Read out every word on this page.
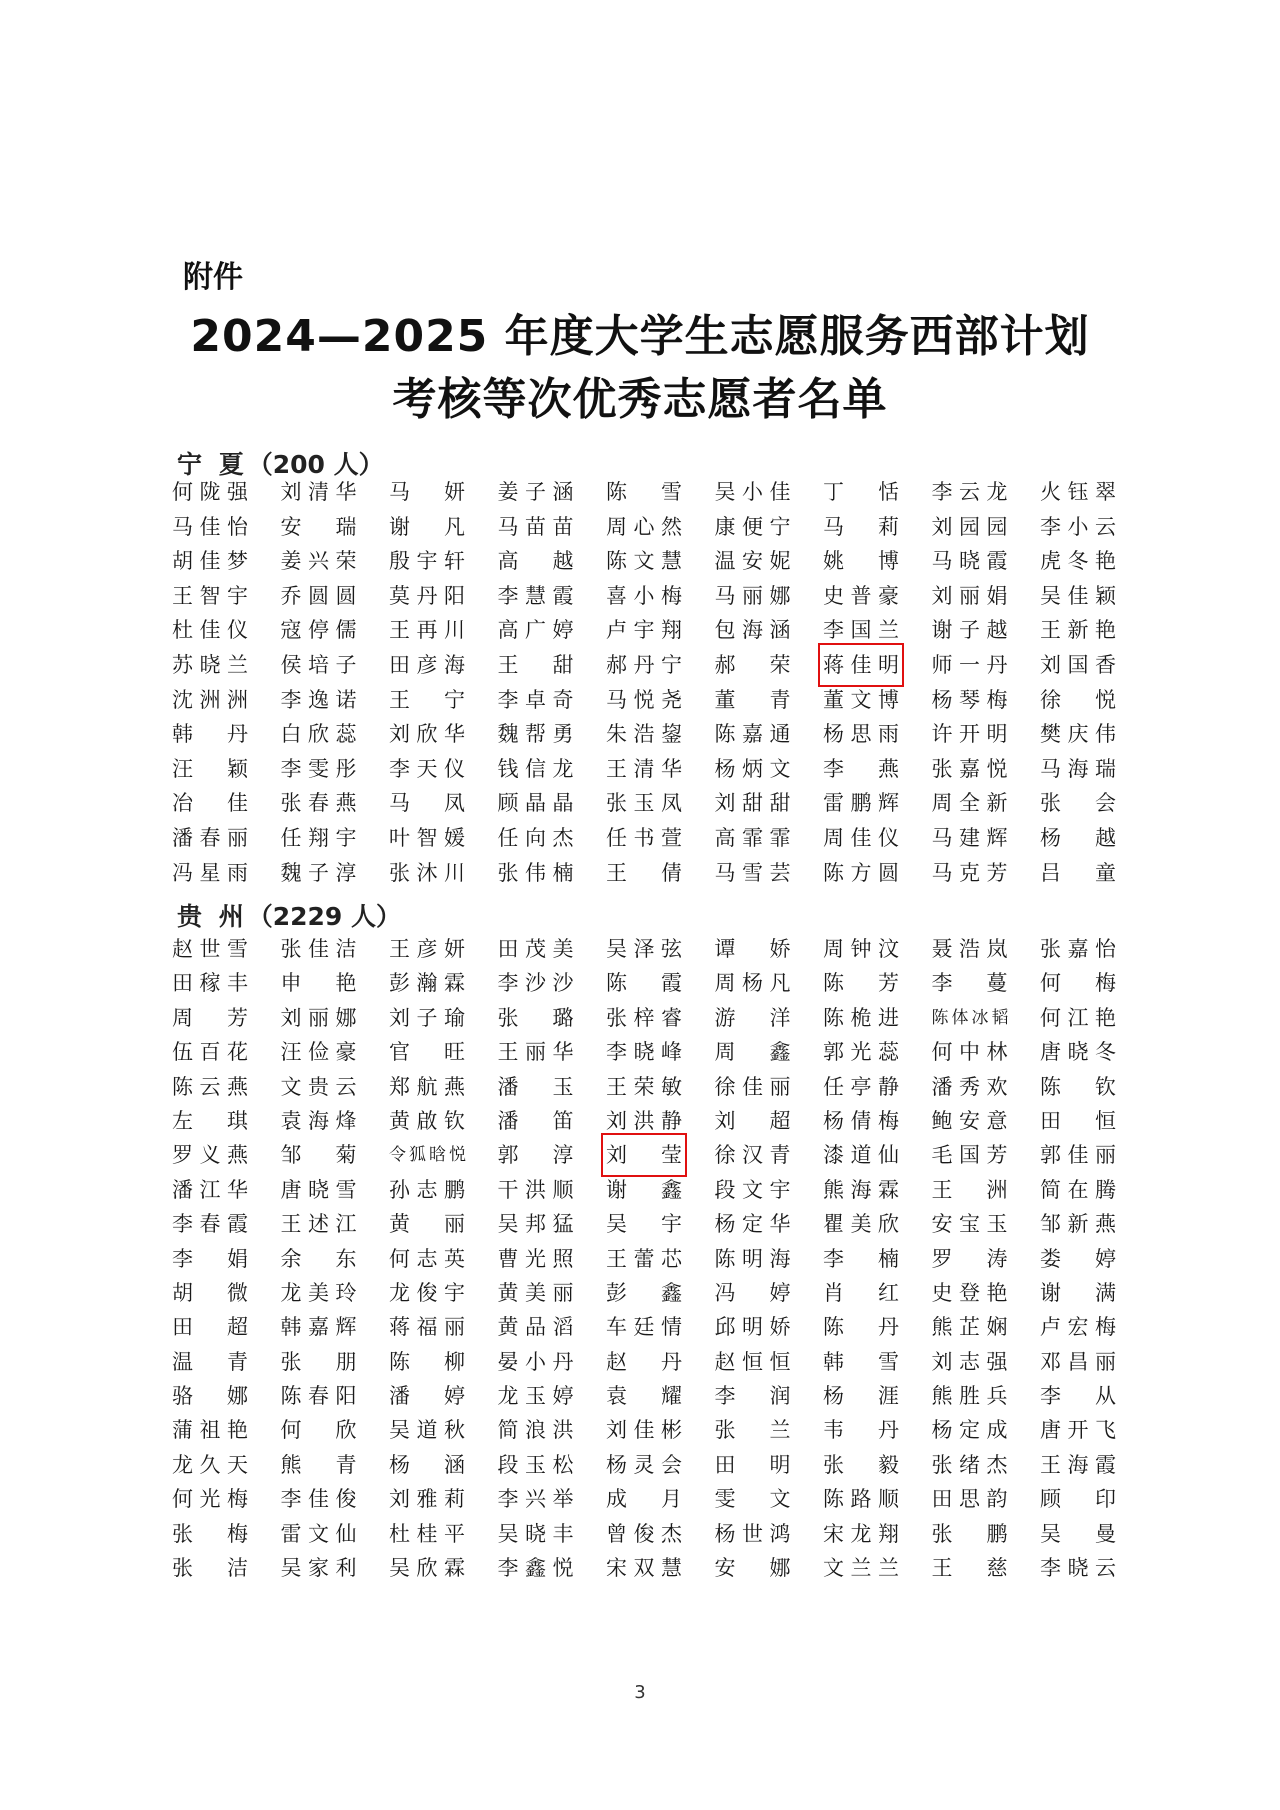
附件
2024—2025 年度大学生志愿服务西部计划
考核等次优秀志愿者名单
宁 夏（200 人）
何陇强	刘清华	马 妍	姜子涵	陈 雪	吴小佳	丁 恬	李云龙	火钰翠
马佳怡	安 瑞	谢 凡	马苗苗	周心然	康便宁	马 莉	刘园园	李小云
胡佳梦	姜兴荣	殷宇轩	高 越	陈文慧	温安妮	姚 博	马晓霞	虎冬艳
王智宇	乔圆圆	莫丹阳	李慧霞	喜小梅	马丽娜	史普豪	刘丽娟	吴佳颖
杜佳仪	寇停儒	王再川	高广婷	卢宇翔	包海涵	李国兰	谢子越	王新艳
苏晓兰	侯培子	田彦海	王 甜	郝丹宁	郝 荣	蒋佳明	师一丹	刘国香
沈洲洲	李逸诺	王 宁	李卓奇	马悦尧	董 青	董文博	杨琴梅	徐 悦
韩 丹	白欣蕊	刘欣华	魏帮勇	朱浩鋆	陈嘉通	杨思雨	许开明	樊庆伟
汪 颖	李雯彤	李天仪	钱信龙	王清华	杨炳文	李 燕	张嘉悦	马海瑞
冶 佳	张春燕	马 凤	顾晶晶	张玉凤	刘甜甜	雷鹏辉	周全新	张 会
潘春丽	任翔宇	叶智媛	任向杰	任书萱	高霏霏	周佳仪	马建辉	杨 越
冯星雨	魏子淳	张沐川	张伟楠	王 倩	马雪芸	陈方圆	马克芳	吕 童
贵 州（2229 人）
赵世雪	张佳洁	王彦妍	田茂美	吴泽弦	谭 娇	周钟汶	聂浩岚	张嘉怡
田稼丰	申 艳	彭瀚霖	李沙沙	陈 霞	周杨凡	陈 芳	李 蔓	何 梅
周 芳	刘丽娜	刘子瑜	张 璐	张梓睿	游 洋	陈桅进	陈体冰韬	何江艳
伍百花	汪俭豪	官 旺	王丽华	李晓峰	周 鑫	郭光蕊	何中林	唐晓冬
陈云燕	文贵云	郑航燕	潘 玉	王荣敏	徐佳丽	任亭静	潘秀欢	陈 钦
左 琪	袁海烽	黄啟钦	潘 笛	刘洪静	刘 超	杨倩梅	鲍安意	田 恒
罗义燕	邹 菊	令狐晗悦	郭 淳	刘 莹	徐汉青	漆道仙	毛国芳	郭佳丽
潘江华	唐晓雪	孙志鹏	干洪顺	谢 鑫	段文宇	熊海霖	王 洲	简在腾
李春霞	王述江	黄 丽	吴邦猛	吴 宇	杨定华	瞿美欣	安宝玉	邹新燕
李 娟	余 东	何志英	曹光照	王蕾芯	陈明海	李 楠	罗 涛	娄 婷
胡 微	龙美玲	龙俊宇	黄美丽	彭 鑫	冯 婷	肖 红	史登艳	谢 满
田 超	韩嘉辉	蒋福丽	黄品滔	车廷情	邱明娇	陈 丹	熊芷娴	卢宏梅
温 青	张 朋	陈 柳	晏小丹	赵 丹	赵恒恒	韩 雪	刘志强	邓昌丽
骆 娜	陈春阳	潘 婷	龙玉婷	袁 耀	李 润	杨 涯	熊胜兵	李 从
蒲祖艳	何 欣	吴道秋	简浪洪	刘佳彬	张 兰	韦 丹	杨定成	唐开飞
龙久天	熊 青	杨 涵	段玉松	杨灵会	田 明	张 毅	张绪杰	王海霞
何光梅	李佳俊	刘雅莉	李兴举	成 月	雯 文	陈路顺	田思韵	顾 印
张 梅	雷文仙	杜桂平	吴晓丰	曾俊杰	杨世鸿	宋龙翔	张 鹏	吴 曼
张 洁	吴家利	吴欣霖	李鑫悦	宋双慧	安 娜	文兰兰	王 慈	李晓云
3
